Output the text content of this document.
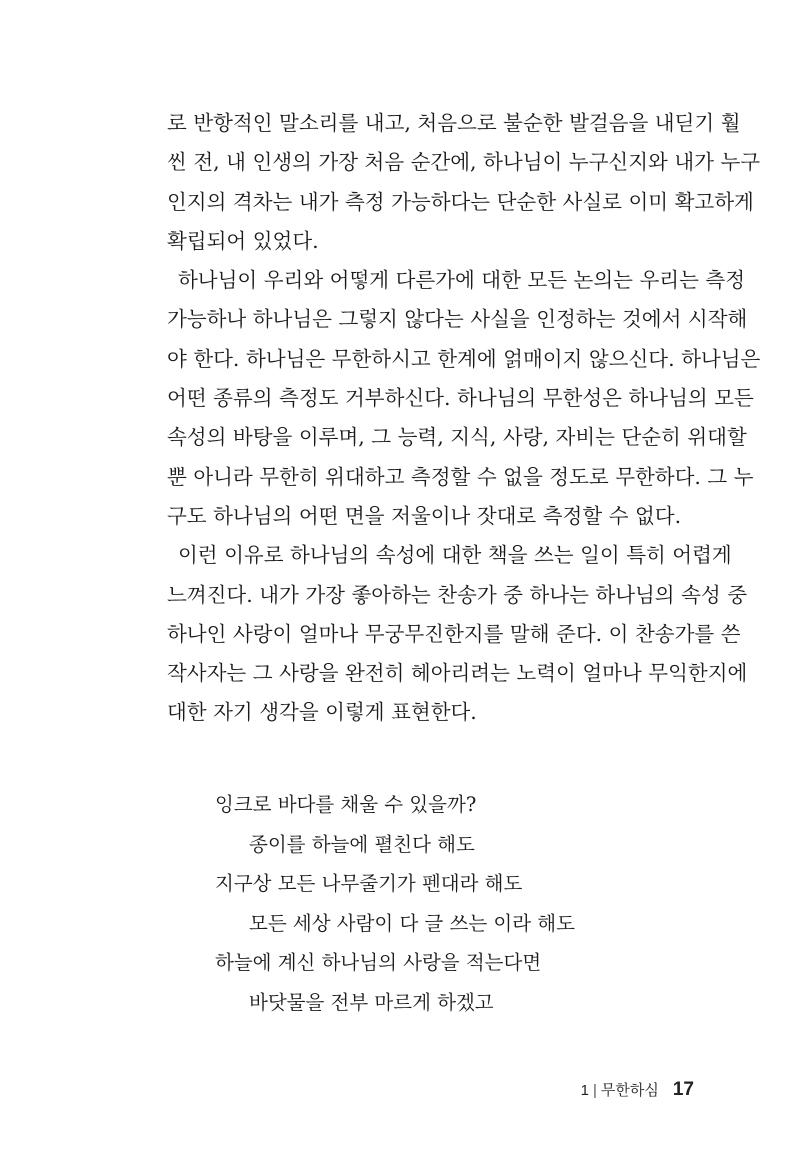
로 반항적인 말소리를 내고, 처음으로 불순한 발걸음을 내딛기 훨
씬 전, 내 인생의 가장 처음 순간에, 하나님이 누구신지와 내가 누구
인지의 격차는 내가 측정 가능하다는 단순한 사실로 이미 확고하게
확립되어 있었다.
하나님이 우리와 어떻게 다른가에 대한 모든 논의는 우리는 측정
가능하나 하나님은 그렇지 않다는 사실을 인정하는 것에서 시작해
야 한다. 하나님은 무한하시고 한계에 얽매이지 않으신다. 하나님은
어떤 종류의 측정도 거부하신다. 하나님의 무한성은 하나님의 모든
속성의 바탕을 이루며, 그 능력, 지식, 사랑, 자비는 단순히 위대할
뿐 아니라 무한히 위대하고 측정할 수 없을 정도로 무한하다. 그 누
구도 하나님의 어떤 면을 저울이나 잣대로 측정할 수 없다.
이런 이유로 하나님의 속성에 대한 책을 쓰는 일이 특히 어렵게
느껴진다. 내가 가장 좋아하는 찬송가 중 하나는 하나님의 속성 중
하나인 사랑이 얼마나 무궁무진한지를 말해 준다. 이 찬송가를 쓴
작사자는 그 사랑을 완전히 헤아리려는 노력이 얼마나 무익한지에
대한 자기 생각을 이렇게 표현한다.
잉크로 바다를 채울 수 있을까?
종이를 하늘에 펼친다 해도
지구상 모든 나무줄기가 펜대라 해도
모든 세상 사람이 다 글 쓰는 이라 해도
하늘에 계신 하나님의 사랑을 적는다면
바닷물을 전부 마르게 하겠고
1 | 무한하심 17
